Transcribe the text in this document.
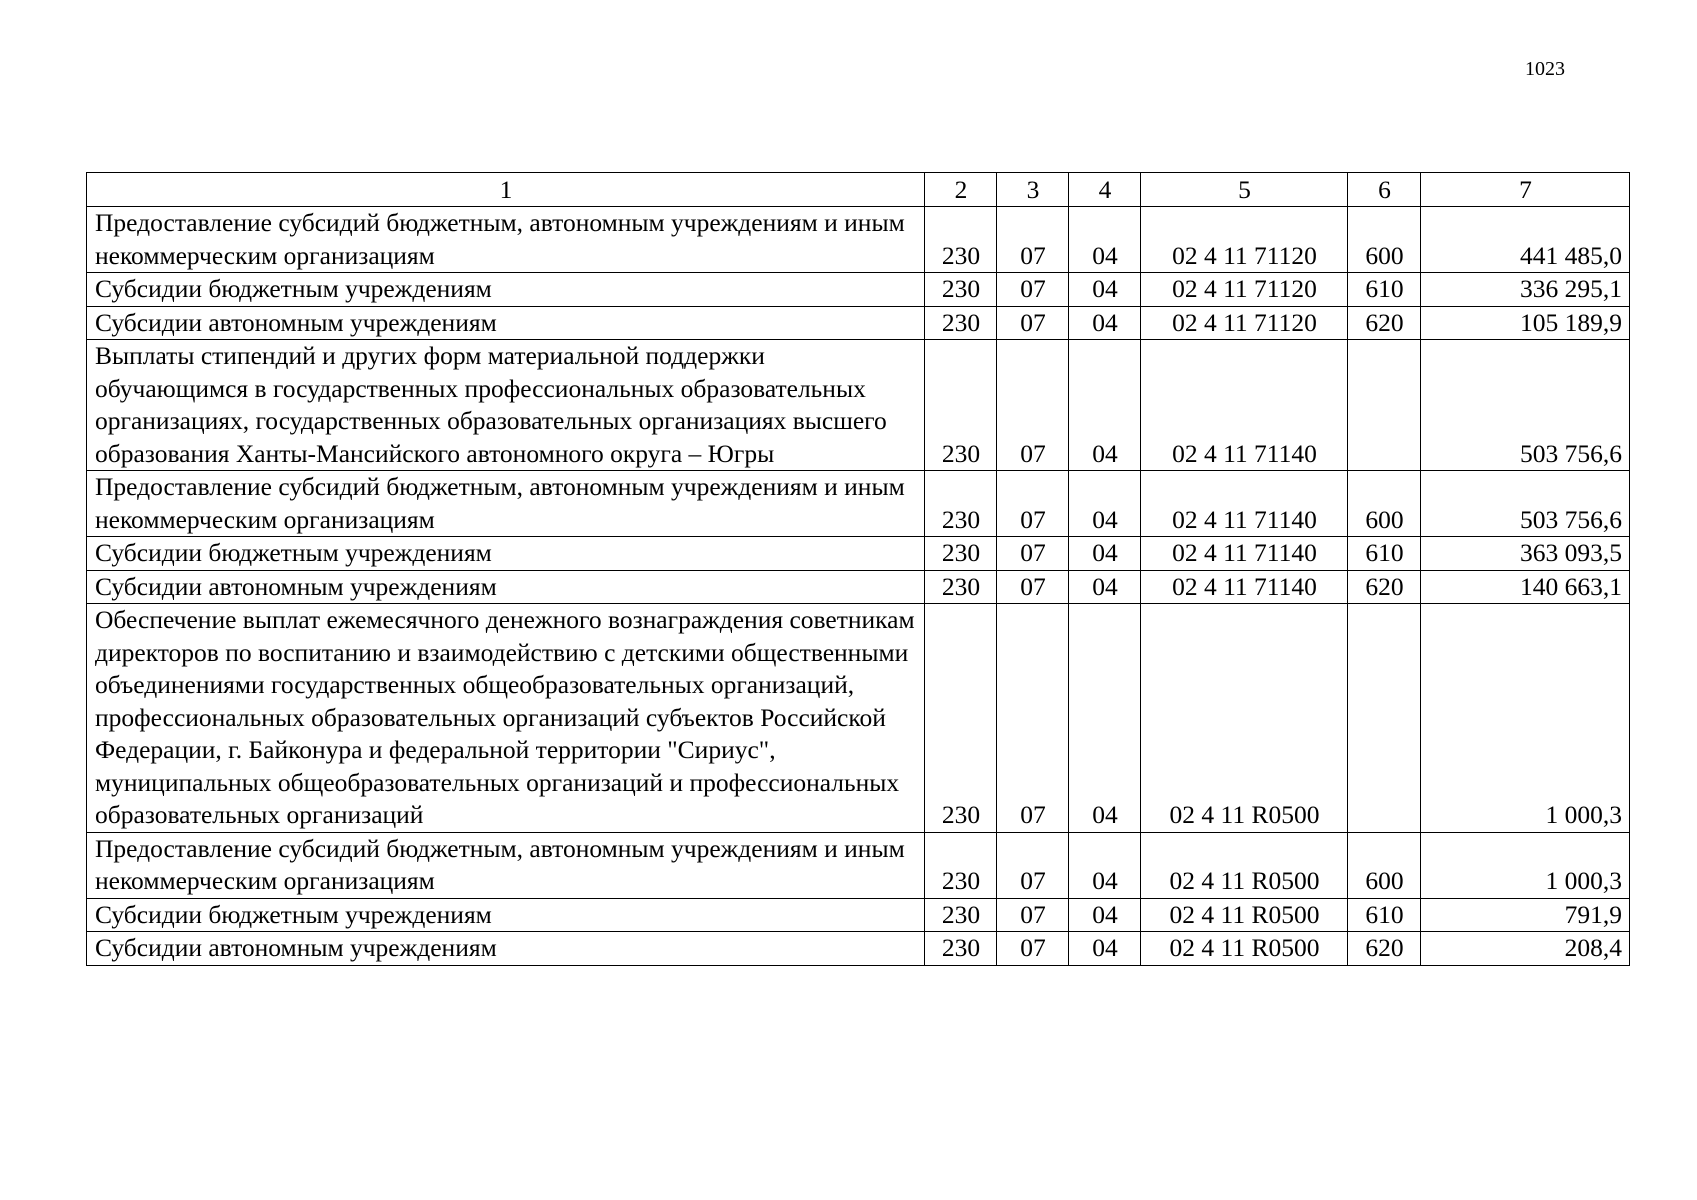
1023
1	2	3	4	5	6	7
Предоставление субсидий бюджетным, автономным учреждениям и иным некоммерческим организациям	230	07	04	02 4 11 71120	600	441 485,0
Субсидии бюджетным учреждениям	230	07	04	02 4 11 71120	610	336 295,1
Субсидии автономным учреждениям	230	07	04	02 4 11 71120	620	105 189,9
Выплаты стипендий и других форм материальной поддержки обучающимся в государственных профессиональных образовательных организациях, государственных образовательных организациях высшего образования Ханты-Мансийского автономного округа – Югры	230	07	04	02 4 11 71140		503 756,6
Предоставление субсидий бюджетным, автономным учреждениям и иным некоммерческим организациям	230	07	04	02 4 11 71140	600	503 756,6
Субсидии бюджетным учреждениям	230	07	04	02 4 11 71140	610	363 093,5
Субсидии автономным учреждениям	230	07	04	02 4 11 71140	620	140 663,1
Обеспечение выплат ежемесячного денежного вознаграждения советникам директоров по воспитанию и взаимодействию с детскими общественными объединениями государственных общеобразовательных организаций, профессиональных образовательных организаций субъектов Российской Федерации, г. Байконура и федеральной территории "Сириус", муниципальных общеобразовательных организаций и профессиональных образовательных организаций	230	07	04	02 4 11 R0500		1 000,3
Предоставление субсидий бюджетным, автономным учреждениям и иным некоммерческим организациям	230	07	04	02 4 11 R0500	600	1 000,3
Субсидии бюджетным учреждениям	230	07	04	02 4 11 R0500	610	791,9
Субсидии автономным учреждениям	230	07	04	02 4 11 R0500	620	208,4
